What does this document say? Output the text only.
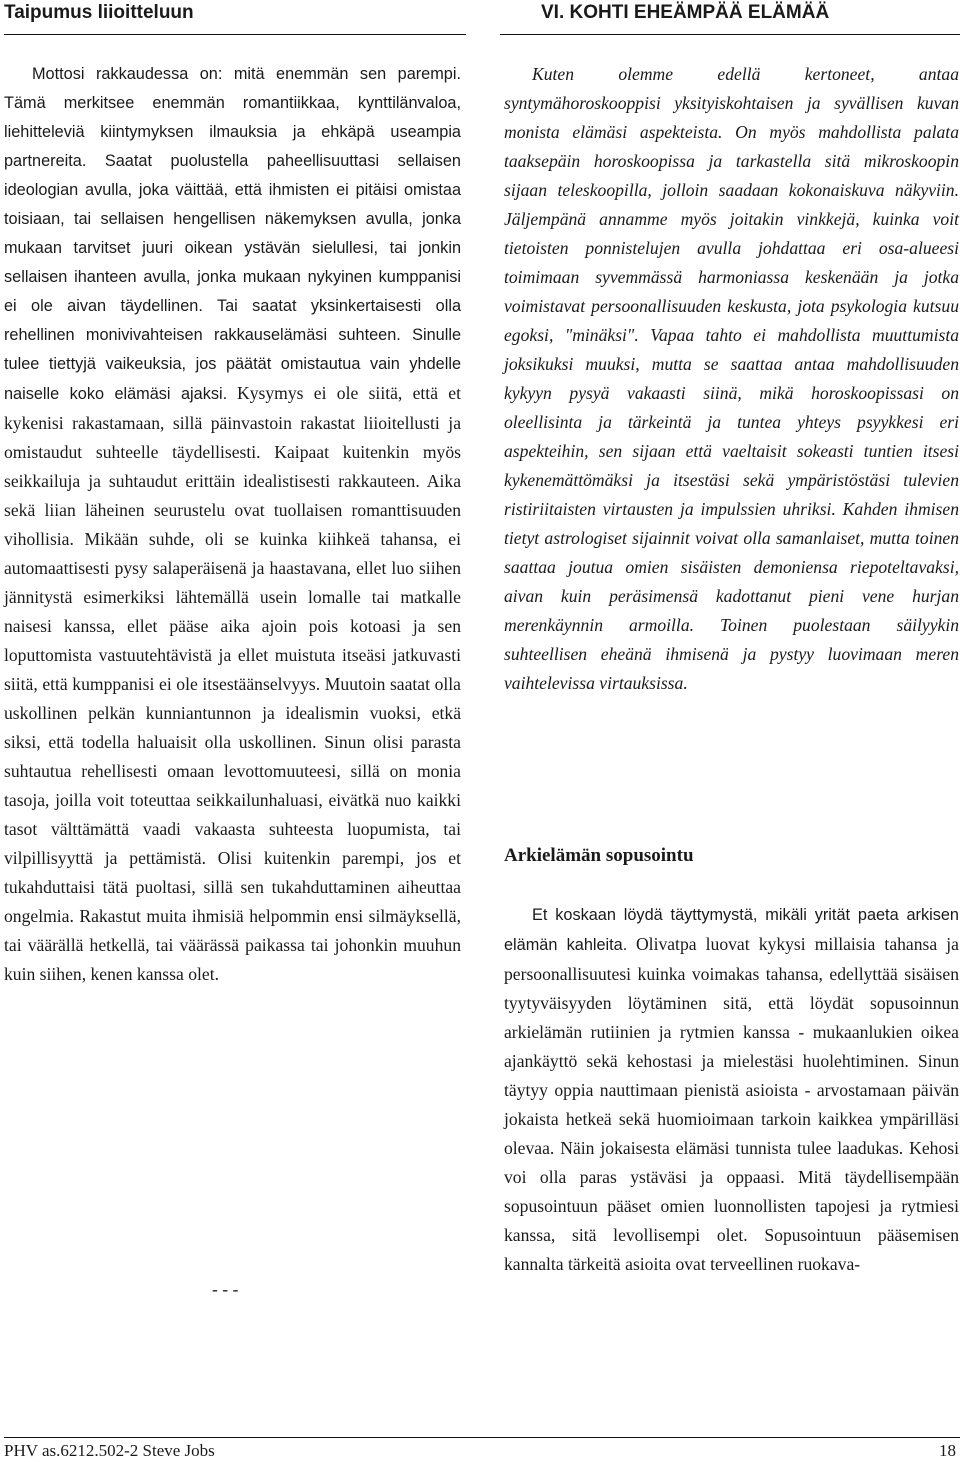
Taipumus liioitteluun	VI. KOHTI EHEÄMPÄÄ ELÄMÄÄ

Mottosi rakkaudessa on: mitä enemmän sen parempi. Tämä merkitsee enemmän romantiikkaa, kynttilänvaloa, liehitteleviä kiintymyksen ilmauksia ja ehkäpä useampia partnereita. Saatat puolustella paheellisuuttasi sellaisen ideologian avulla, joka väittää, että ihmisten ei pitäisi omistaa toisiaan, tai sellaisen hengellisen näkemyksen avulla, jonka mukaan tarvitset juuri oikean ystävän sielullesi, tai jonkin sellaisen ihanteen avulla, jonka mukaan nykyinen kumppanisi ei ole aivan täydellinen. Tai saatat yksinkertaisesti olla rehellinen monivivahteisen rakkauselämäsi suhteen. Sinulle tulee tiettyjä vaikeuksia, jos päätät omistautua vain yhdelle naiselle koko elämäsi ajaksi. Kysymys ei ole siitä, että et kykenisi rakastamaan, sillä päinvastoin rakastat liioitellusti ja omistaudut suhteelle täydellisesti. Kaipaat kuitenkin myös seikkailuja ja suhtaudut erittäin idealistisesti rakkauteen. Aika sekä liian läheinen seurustelu ovat tuollaisen romanttisuuden vihollisia. Mikään suhde, oli se kuinka kiihkeä tahansa, ei automaattisesti pysy salaperäisenä ja haastavana, ellet luo siihen jännitystä esimerkiksi lähtemällä usein lomalle tai matkalle naisesi kanssa, ellet pääse aika ajoin pois kotoasi ja sen loputtomista vastuutehtävistä ja ellet muistuta itseäsi jatkuvasti siitä, että kumppanisi ei ole itsestäänselvyys. Muutoin saatat olla uskollinen pelkän kunniantunnon ja idealismin vuoksi, etkä siksi, että todella haluaisit olla uskollinen. Sinun olisi parasta suhtautua rehellisesti omaan levottomuuteesi, sillä on monia tasoja, joilla voit toteuttaa seikkailunhaluasi, eivätkä nuo kaikki tasot välttämättä vaadi vakaasta suhteesta luopumista, tai vilpillisyyttä ja pettämistä. Olisi kuitenkin parempi, jos et tukahduttaisi tätä puoltasi, sillä sen tukahduttaminen aiheuttaa ongelmia. Rakastut muita ihmisiä helpommin ensi silmäyksellä, tai väärällä hetkellä, tai väärässä paikassa tai johonkin muuhun kuin siihen, kenen kanssa olet.

- - -

Kuten olemme edellä kertoneet, antaa syntymähoroskooppisi yksityiskohtaisen ja syvällisen kuvan monista elämäsi aspekteista. On myös mahdollista palata taaksepäin horoskoopissa ja tarkastella sitä mikroskoopin sijaan teleskoopilla, jolloin saadaan kokonaiskuva näkyviin. Jäljempänä annamme myös joitakin vinkkejä, kuinka voit tietoisten ponnistelujen avulla johdattaa eri osa-alueesi toimimaan syvemmässä harmoniassa keskenään ja jotka voimistavat persoonallisuuden keskusta, jota psykologia kutsuu egoksi, "minäksi". Vapaa tahto ei mahdollista muuttumista joksikuksi muuksi, mutta se saattaa antaa mahdollisuuden kykyyn pysyä vakaasti siinä, mikä horoskoopissasi on oleellisinta ja tärkeintä ja tuntea yhteys psyykkesi eri aspekteihin, sen sijaan että vaeltaisit sokeasti tuntien itsesi kykenemättömäksi ja itsestäsi sekä ympäristöstäsi tulevien ristiriitaisten virtausten ja impulssien uhriksi. Kahden ihmisen tietyt astrologiset sijainnit voivat olla samanlaiset, mutta toinen saattaa joutua omien sisäisten demoniensa riepoteltavaksi, aivan kuin peräsimensä kadottanut pieni vene hurjan merenkäynnin armoilla. Toinen puolestaan säilyykin suhteellisen eheänä ihmisenä ja pystyy luovimaan meren vaihtelevissa virtauksissa.

Arkielämän sopusointu

Et koskaan löydä täyttymystä, mikäli yrität paeta arkisen elämän kahleita. Olivatpa luovat kykysi millaisia tahansa ja persoonallisuutesi kuinka voimakas tahansa, edellyttää sisäisen tyytyväisyyden löytäminen sitä, että löydät sopusoinnun arkielämän rutiinien ja rytmien kanssa - mukaanlukien oikea ajankäyttö sekä kehostasi ja mielestäsi huolehtiminen. Sinun täytyy oppia nauttimaan pienistä asioista - arvostamaan päivän jokaista hetkeä sekä huomioimaan tarkoin kaikkea ympärilläsi olevaa. Näin jokaisesta elämäsi tunnista tulee laadukas. Kehosi voi olla paras ystäväsi ja oppaasi. Mitä täydellisempään sopusointuun pääset omien luonnollisten tapojesi ja rytmiesi kanssa, sitä levollisempi olet. Sopusointuun pääsemisen kannalta tärkeitä asioita ovat terveellinen ruokava-

PHV as.6212.502-2 Steve Jobs	18
